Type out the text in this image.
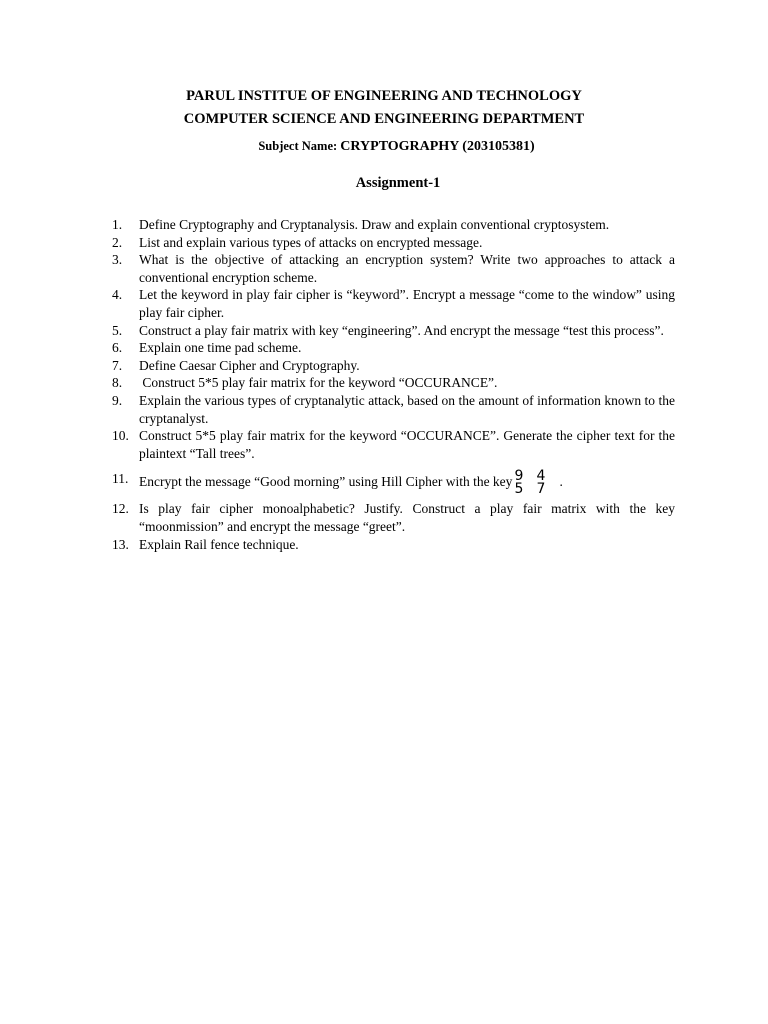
PARUL INSTITUE OF ENGINEERING AND TECHNOLOGY
COMPUTER SCIENCE AND ENGINEERING DEPARTMENT
Subject Name: CRYPTOGRAPHY (203105381)
Assignment-1
1.	Define Cryptography and Cryptanalysis. Draw and explain conventional cryptosystem.
2.	List and explain various types of attacks on encrypted message.
3.	What is the objective of attacking an encryption system? Write two approaches to attack a conventional encryption scheme.
4.	Let the keyword in play fair cipher is “keyword”. Encrypt a message “come to the window” using play fair cipher.
5.	Construct a play fair matrix with key “engineering”. And encrypt the message “test this process”.
6.	Explain one time pad scheme.
7.	Define Caesar Cipher and Cryptography.
8.	Construct 5*5 play fair matrix for the keyword “OCCURANCE”.
9.	Explain the various types of cryptanalytic attack, based on the amount of information known to the cryptanalyst.
10. Construct 5*5 play fair matrix for the keyword “OCCURANCE”. Generate the cipher text for the plaintext “Tall trees”.
11. Encrypt the message “Good morning” using Hill Cipher with the key 9 4
5 7	.
12. Is play fair cipher monoalphabetic? Justify. Construct a play fair matrix with the key “moonmission” and encrypt the message “greet”.
13. Explain Rail fence technique.
